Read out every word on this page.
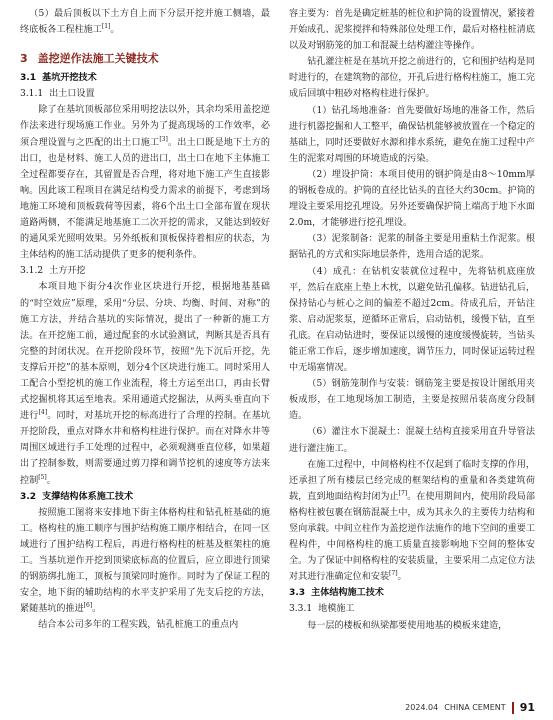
（5）最后顶板以下土方自上而下分层开挖并施工侧墙，最终底板各工程柱施工[1]。

3 盖挖逆作法施工关键技术
3.1 基坑开挖技术
3.1.1 出土口设置

除了在基坑顶板部位采用明挖法以外，其余均采用盖挖逆作法来进行现场施工作业。另外为了提高现场的工作效率，必须合理设置与之匹配的出土口施工[3]。出土口既是地下土方的出口，也是材料、施工人员的进出口，出土口在地下主体施工全过程都要存在，其留置是否合理，将对地下施工产生直接影响。因此该工程项目在满足结构受力需求的前提下，考虑到场地施工环境和顶板载荷等因素，将6个出土口全部布置在现状道路两侧，不能满足地基施工二次开挖的需求，又能达到较好的通风采光照明效果。另外纸板和顶板保持着相应的状态，为主体结构的施工活动提供了更多的便利条件。

3.1.2 土方开挖

本项目地下街分4次作业区块进行开挖，根据地基基础的“时空效应”原理，采用“分层、分块、均衡、时间、对称”的施工方法，并结合基坑的实际情况，提出了一种新的施工方法。在开挖施工前，通过配套的水试验测试，判断其是否具有完整的封闭状况。在开挖阶段环节，按照“先下沉后开挖，先支撑后开挖”的基本原则，划分4个区块进行施工。同时采用人工配合小型挖机的施工作业流程，将土方运至出口，再由长臂式挖掘机将其运至地表。采用通道式挖掘法，从两头垂直向下进行[4]。同时，对基坑开挖的标高进行了合理的控制。在基坑开挖阶段，重点对降水井和格构柱进行保护。而在对降水井等周围区域进行手工处理的过程中，必须观测垂直位移，如果超出了控制参数，则需要通过剪刀撑和调节挖机的速度等方法来控制[5]。

3.2 支撑结构体系施工技术

按照施工图将来安排地下街主体格构柱和钻孔桩基础的施工。格构柱的施工顺序与围护结构施工顺序相结合，在同一区域进行了围护结构工程后，再进行格构柱的桩基及框架柱的施工。当基坑逆作开挖到顶梁底标高的位置后，应立即进行顶梁的钢筋绑扎施工，顶板与顶梁同时施作。同时为了保证工程的安全，地下街的辅助结构的水平支护采用了先支后挖的方法，紧随基坑的推进[6]。

结合本公司多年的工程实践，钻孔桩施工的重点内

容主要为：首先是确定桩基的桩位和护筒的设置情况，紧接着开始成孔、泥浆搅拌和特殊部位处理工作，最后对格柱桩清底以及对钢筋笼的加工和混凝土结构灌注等操作。

钻孔灌注桩是在基坑开挖之前进行的，它和围护结构是同时进行的，在建筑物的部位，开孔后进行格构柱施工，施工完成后回填中粗砂对格构柱进行保护。

（1）钻孔场地准备：首先要做好场地的准备工作，然后进行机器挖掘和人工整平，确保钻机能够被放置在一个稳定的基础上，同时还要做好水源和排水系统，避免在施工过程中产生的泥浆对周围的环境造成的污染。

（2）埋设护筒：本项目使用的钢护筒是由8～10mm厚的钢板卷成的。护筒的直径比钻头的直径大约30cm。护筒的埋设主要采用挖孔埋设。另外还要确保护筒上端高于地下水面2.0m，才能够进行挖孔埋设。

（3）泥浆制备：泥浆的制备主要是用重粘土作泥浆。根据钻孔的方式和实际地层条件，选用合适的泥浆。

（4）成孔：在钻机安装就位过程中，先将钻机底座放平，然后在底座上垫上木枕，以避免钻孔偏移。钻进钻孔后，保持钻心与桩心之间的偏差不超过2cm。待成孔后，开钻注浆、启动泥浆泵，逆循环正常后，启动钻机，缓慢下钻，直至孔底。在启动钻进时，要保证以缓慢的速度缓慢旋转，当钻头能正常工作后，逐步增加速度，调节压力，同时保证运转过程中无塌塞情况。

（5）钢筋笼制作与安装：钢筋笼主要是按设计图纸用夹板成形，在工地现场加工制造，主要是按照吊装高度分段制造。

（6）灌注水下混凝土：混凝土结构直接采用直升导管法进行灌注施工。

在施工过程中，中间格构柱不仅起到了临时支撑的作用，还承担了所有楼层已经完成的框架结构的重量和各类建筑荷载，直到地面结构封闭为止[7]。在使用期间内，使用阶段局部格构柱被包裹在钢筋混凝土中，成为其永久的主要传力结构和竖向承载。中间立柱作为盖挖逆作法施作的地下空间的重要工程构件，中间格构柱的施工质量直接影响地下空间的整体安全。为了保证中间格构柱的安装质量，主要采用二点定位方法对其进行准确定位和安装[7]。

3.3 主体结构施工技术
3.3.1 地模施工

每一层的楼板和纵梁都要使用地基的模板来建造，

2024.04 CHINA CEMENT 91
